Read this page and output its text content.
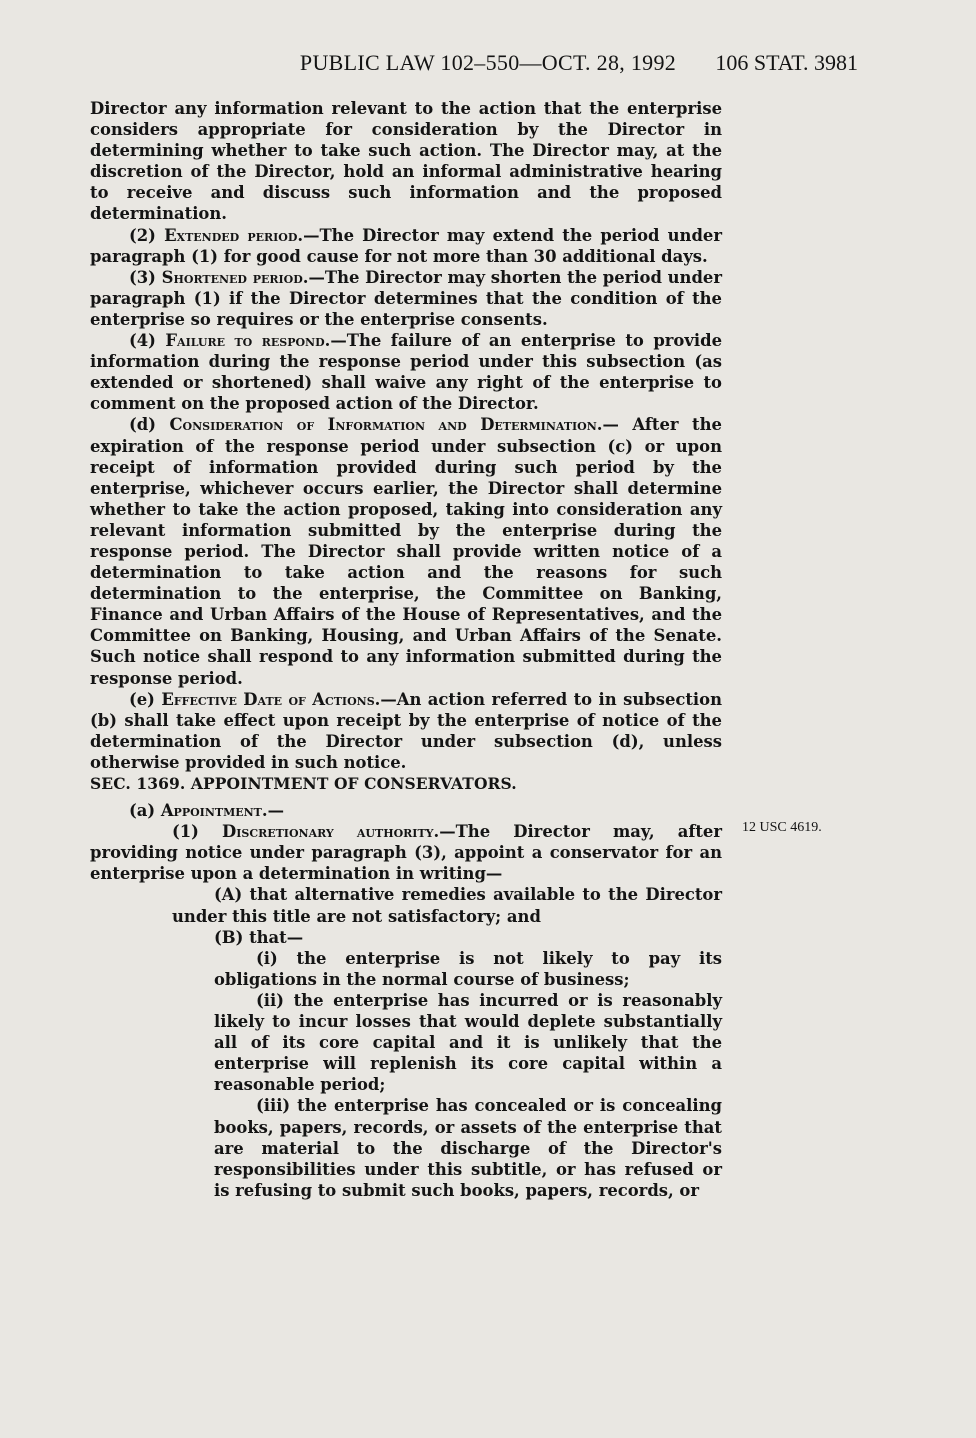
PUBLIC LAW 102–550—OCT. 28, 1992	106 STAT. 3981
12 USC 4619.

Director any information relevant to the action that the enterprise considers appropriate for consideration by the Director in determining whether to take such action. The Director may, at the discretion of the Director, hold an informal administrative hearing to receive and discuss such information and the proposed determination.

(2) Extended period.—The Director may extend the period under paragraph (1) for good cause for not more than 30 additional days.

(3) Shortened period.—The Director may shorten the period under paragraph (1) if the Director determines that the condition of the enterprise so requires or the enterprise consents.

(4) Failure to respond.—The failure of an enterprise to provide information during the response period under this subsection (as extended or shortened) shall waive any right of the enterprise to comment on the proposed action of the Director.

(d) Consideration of Information and Determination.— After the expiration of the response period under subsection (c) or upon receipt of information provided during such period by the enterprise, whichever occurs earlier, the Director shall determine whether to take the action proposed, taking into consideration any relevant information submitted by the enterprise during the response period. The Director shall provide written notice of a determination to take action and the reasons for such determination to the enterprise, the Committee on Banking, Finance and Urban Affairs of the House of Representatives, and the Committee on Banking, Housing, and Urban Affairs of the Senate. Such notice shall respond to any information submitted during the response period.

(e) Effective Date of Actions.—An action referred to in subsection (b) shall take effect upon receipt by the enterprise of notice of the determination of the Director under subsection (d), unless otherwise provided in such notice.

SEC. 1369. APPOINTMENT OF CONSERVATORS.

(a) Appointment.—

(1) Discretionary authority.—The Director may, after providing notice under paragraph (3), appoint a conservator for an enterprise upon a determination in writing—

(A) that alternative remedies available to the Director under this title are not satisfactory; and

(B) that—

(i) the enterprise is not likely to pay its obligations in the normal course of business;

(ii) the enterprise has incurred or is reasonably likely to incur losses that would deplete substantially all of its core capital and it is unlikely that the enterprise will replenish its core capital within a reasonable period;

(iii) the enterprise has concealed or is concealing books, papers, records, or assets of the enterprise that are material to the discharge of the Director's responsibilities under this subtitle, or has refused or is refusing to submit such books, papers, records, or
